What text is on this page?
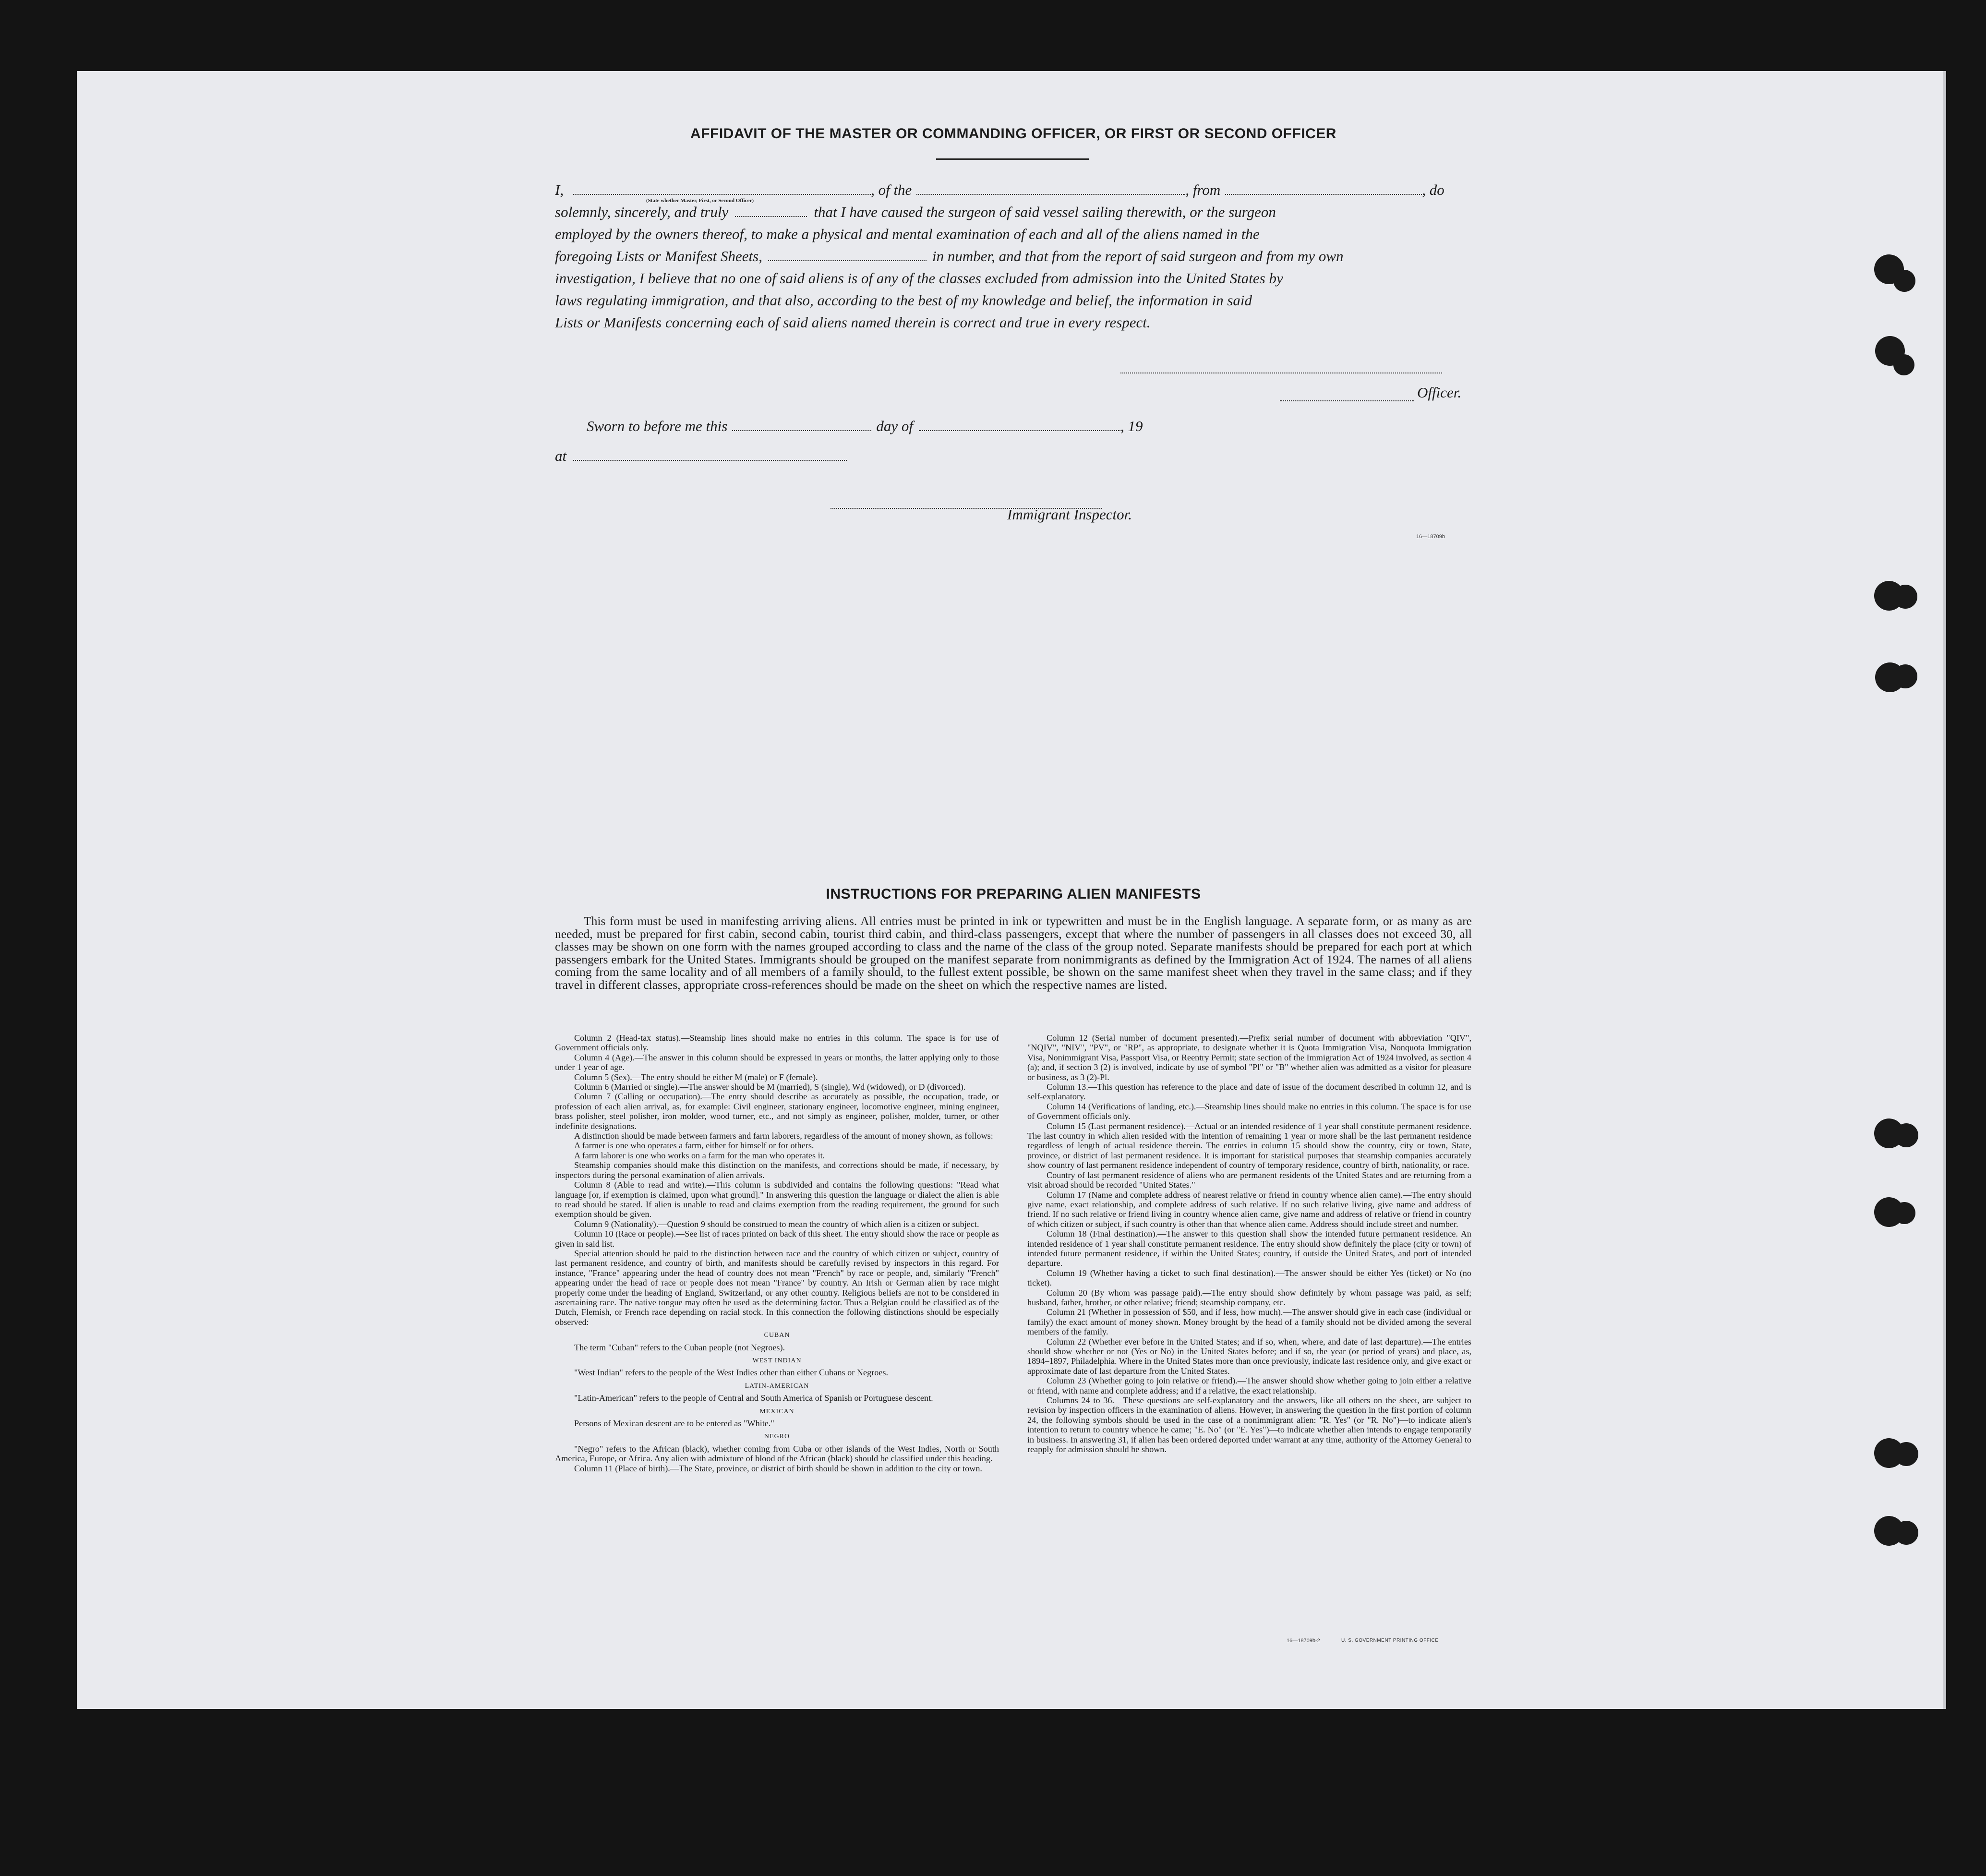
AFFIDAVIT OF THE MASTER OR COMMANDING OFFICER, OR FIRST OR SECOND OFFICER
I,	, of the	, from	, do
(State whether Master, First, or Second Officer)
solemnly, sincerely, and truly	that I have caused the surgeon of said vessel sailing therewith, or the surgeon
employed by the owners thereof, to make a physical and mental examination of each and all of the aliens named in the
foregoing Lists or Manifest Sheets,	in number, and that from the report of said surgeon and from my own
investigation, I believe that no one of said aliens is of any of the classes excluded from admission into the United States by
laws regulating immigration, and that also, according to the best of my knowledge and belief, the information in said
Lists or Manifests concerning each of said aliens named therein is correct and true in every respect.
Officer.
Sworn to before me this	day of	, 19
at
Immigrant Inspector.
16—18709b
INSTRUCTIONS FOR PREPARING ALIEN MANIFESTS

This form must be used in manifesting arriving aliens. All entries must be printed in ink or typewritten and must be in the English language. A separate form, or as many as are needed, must be prepared for first cabin, second cabin, tourist third cabin, and third-class passengers, except that where the number of passengers in all classes does not exceed 30, all classes may be shown on one form with the names grouped according to class and the name of the class of the group noted. Separate manifests should be prepared for each port at which passengers embark for the United States. Immigrants should be grouped on the manifest separate from nonimmigrants as defined by the Immigration Act of 1924. The names of all aliens coming from the same locality and of all members of a family should, to the fullest extent possible, be shown on the same manifest sheet when they travel in the same class; and if they travel in different classes, appropriate cross-references should be made on the sheet on which the respective names are listed.

Column 2 (Head-tax status).—Steamship lines should make no entries in this column. The space is for use of Government officials only.

Column 4 (Age).—The answer in this column should be expressed in years or months, the latter applying only to those under 1 year of age.

Column 5 (Sex).—The entry should be either M (male) or F (female).

Column 6 (Married or single).—The answer should be M (married), S (single), Wd (widowed), or D (divorced).

Column 7 (Calling or occupation).—The entry should describe as accurately as possible, the occupation, trade, or profession of each alien arrival, as, for example: Civil engineer, stationary engineer, locomotive engineer, mining engineer, brass polisher, steel polisher, iron molder, wood turner, etc., and not simply as engineer, polisher, molder, turner, or other indefinite designations.

A distinction should be made between farmers and farm laborers, regardless of the amount of money shown, as follows:

A farmer is one who operates a farm, either for himself or for others.

A farm laborer is one who works on a farm for the man who operates it.

Steamship companies should make this distinction on the manifests, and corrections should be made, if necessary, by inspectors during the personal examination of alien arrivals.

Column 8 (Able to read and write).—This column is subdivided and contains the following questions: "Read what language [or, if exemption is claimed, upon what ground]." In answering this question the language or dialect the alien is able to read should be stated. If alien is unable to read and claims exemption from the reading requirement, the ground for such exemption should be given.

Column 9 (Nationality).—Question 9 should be construed to mean the country of which alien is a citizen or subject.

Column 10 (Race or people).—See list of races printed on back of this sheet. The entry should show the race or people as given in said list.

Special attention should be paid to the distinction between race and the country of which citizen or subject, country of last permanent residence, and country of birth, and manifests should be carefully revised by inspectors in this regard. For instance, "France" appearing under the head of country does not mean "French" by race or people, and, similarly "French" appearing under the head of race or people does not mean "France" by country. An Irish or German alien by race might properly come under the heading of England, Switzerland, or any other country. Religious beliefs are not to be considered in ascertaining race. The native tongue may often be used as the determining factor. Thus a Belgian could be classified as of the Dutch, Flemish, or French race depending on racial stock. In this connection the following distinctions should be especially observed:

CUBAN

The term "Cuban" refers to the Cuban people (not Negroes).

WEST INDIAN

"West Indian" refers to the people of the West Indies other than either Cubans or Negroes.

LATIN-AMERICAN

"Latin-American" refers to the people of Central and South America of Spanish or Portuguese descent.

MEXICAN

Persons of Mexican descent are to be entered as "White."

NEGRO

"Negro" refers to the African (black), whether coming from Cuba or other islands of the West Indies, North or South America, Europe, or Africa. Any alien with admixture of blood of the African (black) should be classified under this heading.

Column 11 (Place of birth).—The State, province, or district of birth should be shown in addition to the city or town.

Column 12 (Serial number of document presented).—Prefix serial number of document with abbreviation "QIV", "NQIV", "NIV", "PV", or "RP", as appropriate, to designate whether it is Quota Immigration Visa, Nonquota Immigration Visa, Nonimmigrant Visa, Passport Visa, or Reentry Permit; state section of the Immigration Act of 1924 involved, as section 4 (a); and, if section 3 (2) is involved, indicate by use of symbol "Pl" or "B" whether alien was admitted as a visitor for pleasure or business, as 3 (2)-Pl.

Column 13.—This question has reference to the place and date of issue of the document described in column 12, and is self-explanatory.

Column 14 (Verifications of landing, etc.).—Steamship lines should make no entries in this column. The space is for use of Government officials only.

Column 15 (Last permanent residence).—Actual or an intended residence of 1 year shall constitute permanent residence. The last country in which alien resided with the intention of remaining 1 year or more shall be the last permanent residence regardless of length of actual residence therein. The entries in column 15 should show the country, city or town, State, province, or district of last permanent residence. It is important for statistical purposes that steamship companies accurately show country of last permanent residence independent of country of temporary residence, country of birth, nationality, or race.

Country of last permanent residence of aliens who are permanent residents of the United States and are returning from a visit abroad should be recorded "United States."

Column 17 (Name and complete address of nearest relative or friend in country whence alien came).—The entry should give name, exact relationship, and complete address of such relative. If no such relative living, give name and address of friend. If no such relative or friend living in country whence alien came, give name and address of relative or friend in country of which citizen or subject, if such country is other than that whence alien came. Address should include street and number.

Column 18 (Final destination).—The answer to this question shall show the intended future permanent residence. An intended residence of 1 year shall constitute permanent residence. The entry should show definitely the place (city or town) of intended future permanent residence, if within the United States; country, if outside the United States, and port of intended departure.

Column 19 (Whether having a ticket to such final destination).—The answer should be either Yes (ticket) or No (no ticket).

Column 20 (By whom was passage paid).—The entry should show definitely by whom passage was paid, as self; husband, father, brother, or other relative; friend; steamship company, etc.

Column 21 (Whether in possession of $50, and if less, how much).—The answer should give in each case (individual or family) the exact amount of money shown. Money brought by the head of a family should not be divided among the several members of the family.

Column 22 (Whether ever before in the United States; and if so, when, where, and date of last departure).—The entries should show whether or not (Yes or No) in the United States before; and if so, the year (or period of years) and place, as, 1894–1897, Philadelphia. Where in the United States more than once previously, indicate last residence only, and give exact or approximate date of last departure from the United States.

Column 23 (Whether going to join relative or friend).—The answer should show whether going to join either a relative or friend, with name and complete address; and if a relative, the exact relationship.

Columns 24 to 36.—These questions are self-explanatory and the answers, like all others on the sheet, are subject to revision by inspection officers in the examination of aliens. However, in answering the question in the first portion of column 24, the following symbols should be used in the case of a nonimmigrant alien: "R. Yes" (or "R. No")—to indicate alien's intention to return to country whence he came; "E. No" (or "E. Yes")—to indicate whether alien intends to engage temporarily in business. In answering 31, if alien has been ordered deported under warrant at any time, authority of the Attorney General to reapply for admission should be shown.

16—18709b-2	U. S. GOVERNMENT PRINTING OFFICE
